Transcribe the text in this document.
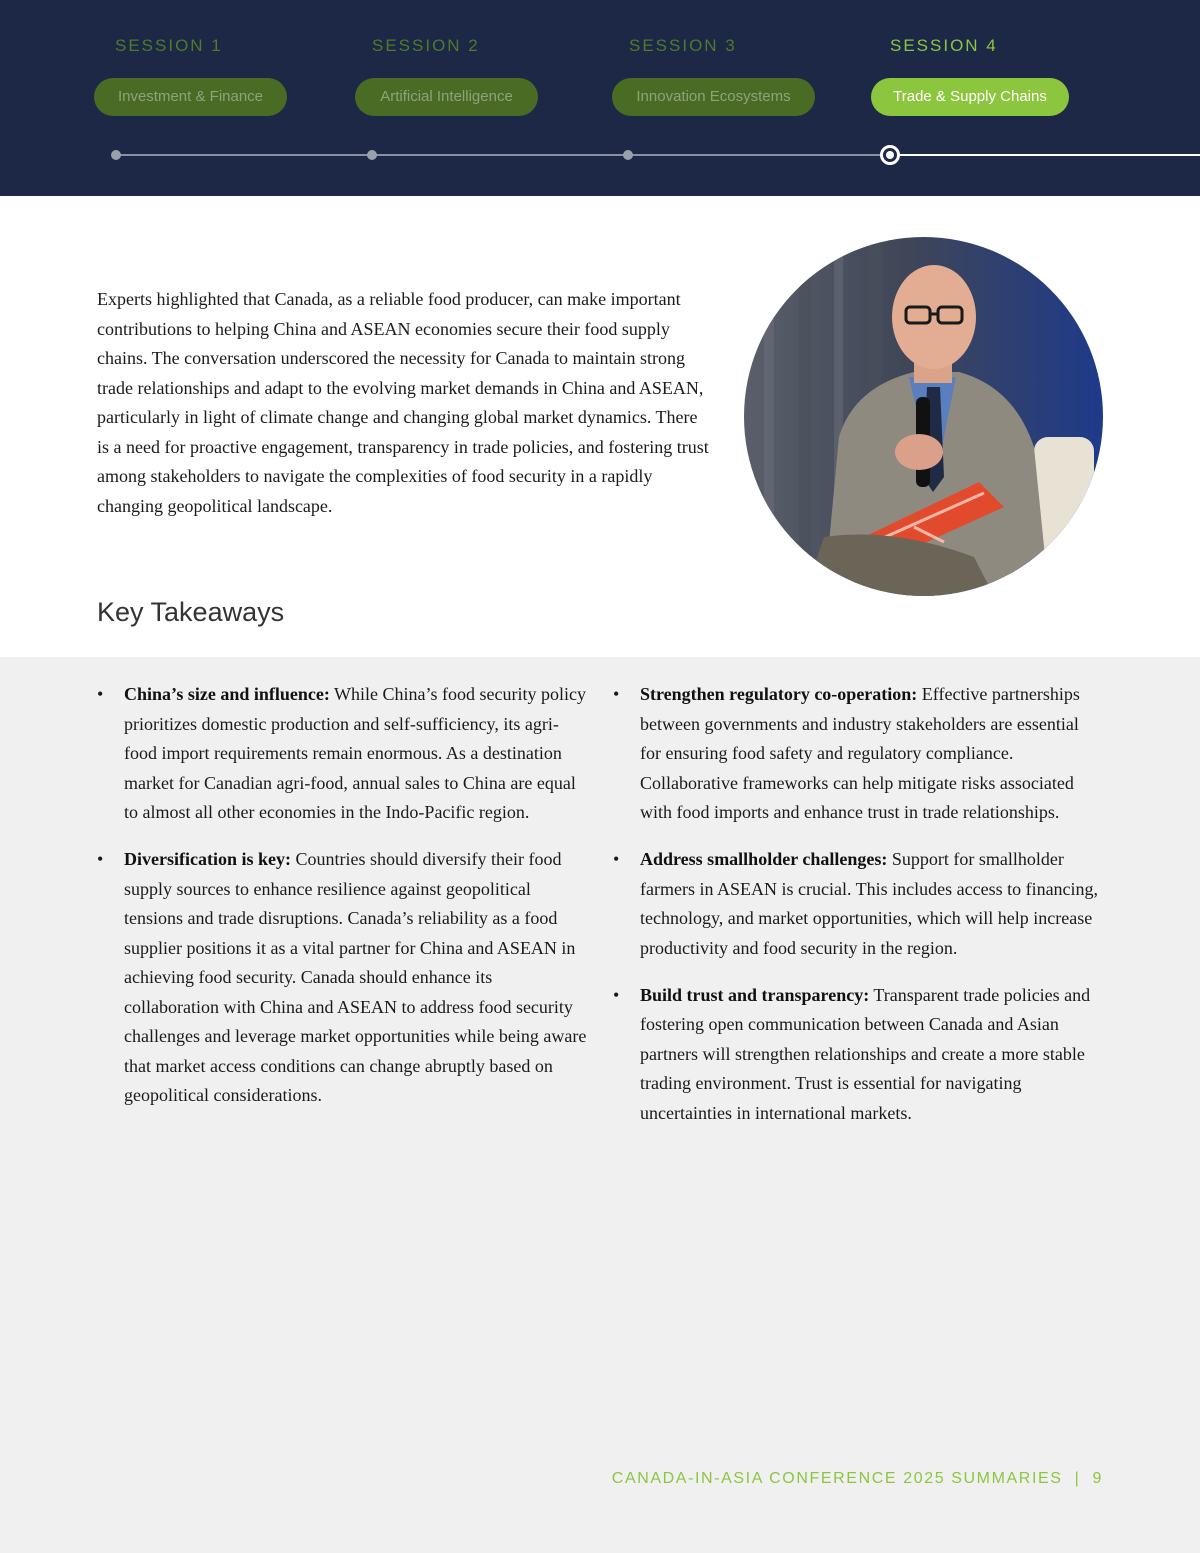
SESSION 1	SESSION 2	SESSION 3	SESSION 4
Investment & Finance	Artificial Intelligence	Innovation Ecosystems	Trade & Supply Chains

Experts highlighted that Canada, as a reliable food producer, can make important contributions to helping China and ASEAN economies secure their food supply chains. The conversation underscored the necessity for Canada to maintain strong trade relationships and adapt to the evolving market demands in China and ASEAN, particularly in light of climate change and changing global market dynamics. There is a need for proactive engagement, transparency in trade policies, and fostering trust among stakeholders to navigate the complexities of food security in a rapidly changing geopolitical landscape.

Key Takeaways
• China’s size and influence: While China’s food security policy prioritizes domestic production and self-sufficiency, its agri-food import requirements remain enormous. As a destination market for Canadian agri-food, annual sales to China are equal to almost all other economies in the Indo-Pacific region.
• Diversification is key: Countries should diversify their food supply sources to enhance resilience against geopolitical tensions and trade disruptions. Canada’s reliability as a food supplier positions it as a vital partner for China and ASEAN in achieving food security. Canada should enhance its collaboration with China and ASEAN to address food security challenges and leverage market opportunities while being aware that market access conditions can change abruptly based on geopolitical considerations.
• Strengthen regulatory co-operation: Effective partnerships between governments and industry stakeholders are essential for ensuring food safety and regulatory compliance. Collaborative frameworks can help mitigate risks associated with food imports and enhance trust in trade relationships.
• Address smallholder challenges: Support for smallholder farmers in ASEAN is crucial. This includes access to financing, technology, and market opportunities, which will help increase productivity and food security in the region.
• Build trust and transparency: Transparent trade policies and fostering open communication between Canada and Asian partners will strengthen relationships and create a more stable trading environment. Trust is essential for navigating uncertainties in international markets.
CANADA-IN-ASIA CONFERENCE 2025 SUMMARIES | 9
